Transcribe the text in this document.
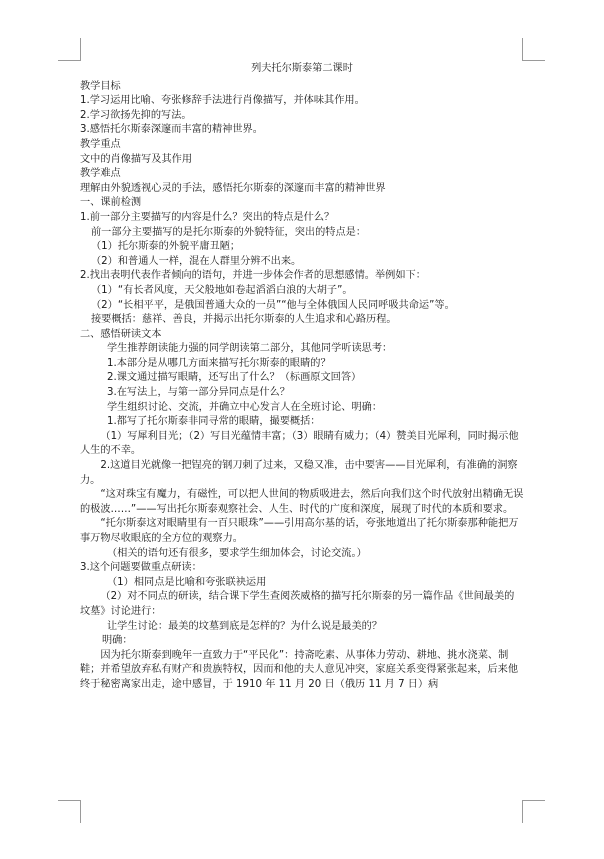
列夫托尔斯泰第二课时

教学目标

1.学习运用比喻、夸张修辞手法进行肖像描写，并体味其作用。

2.学习欲扬先抑的写法。

3.感悟托尔斯泰深邃而丰富的精神世界。

教学重点

文中的肖像描写及其作用

教学难点

理解由外貌透视心灵的手法，感悟托尔斯泰的深邃而丰富的精神世界

一、课前检测

1.前一部分主要描写的内容是什么？突出的特点是什么？

前一部分主要描写的是托尔斯泰的外貌特征，突出的特点是：

（1）托尔斯泰的外貌平庸丑陋；

（2）和普通人一样，混在人群里分辨不出来。

2.找出表明代表作者倾向的语句，并进一步体会作者的思想感情。举例如下：

（1）“有长者风度，天父般地如卷起滔滔白浪的大胡子”。

（2）“长相平平，是俄国普通大众的一员”“他与全体俄国人民同呼吸共命运”等。

接要概括：慈祥、善良，并揭示出托尔斯泰的人生追求和心路历程。

二、感悟研读文本

学生推荐朗读能力强的同学朗读第二部分，其他同学听读思考：

1.本部分是从哪几方面来描写托尔斯泰的眼睛的？

2.课文通过描写眼睛，还写出了什么？（标画原文回答）

3.在写法上，与第一部分异同点是什么？

学生组织讨论、交流，并确立中心发言人在全班讨论、明确：

1.都写了托尔斯泰非同寻常的眼睛，撮要概括：

（1）写犀利目光；（2）写目光蕴情丰富；（3）眼睛有威力；（4）赞美目光犀利，同时揭示他人生的不幸。

2.这道目光就像一把锃亮的钢刀刺了过来，又稳又准，击中要害——目光犀利，有准确的洞察力。

“这对珠宝有魔力，有磁性，可以把人世间的物质吸进去，然后向我们这个时代放射出精确无误的极波……”——写出托尔斯泰观察社会、人生、时代的广度和深度，展现了时代的本质和要求。

“托尔斯泰这对眼睛里有一百只眼珠”——引用高尔基的话，夸张地道出了托尔斯泰那种能把万事万物尽收眼底的全方位的观察力。

（相关的语句还有很多，要求学生细加体会，讨论交流。）

3.这个问题要做重点研读：

（1）相同点是比喻和夸张联袂运用

（2）对不同点的研读，结合课下学生查阅茨威格的描写托尔斯泰的另一篇作品《世间最美的坟墓》讨论进行：

让学生讨论：最美的坟墓到底是怎样的？为什么说是最美的？

明确：

因为托尔斯泰到晚年一直致力于“平民化”：持斋吃素、从事体力劳动、耕地、挑水浇菜、制鞋；并希望放弃私有财产和贵族特权，因而和他的夫人意见冲突，家庭关系变得紧张起来，后来他终于秘密离家出走，途中感冒，于 1910 年 11 月 20 日（俄历 11 月 7 日）病
